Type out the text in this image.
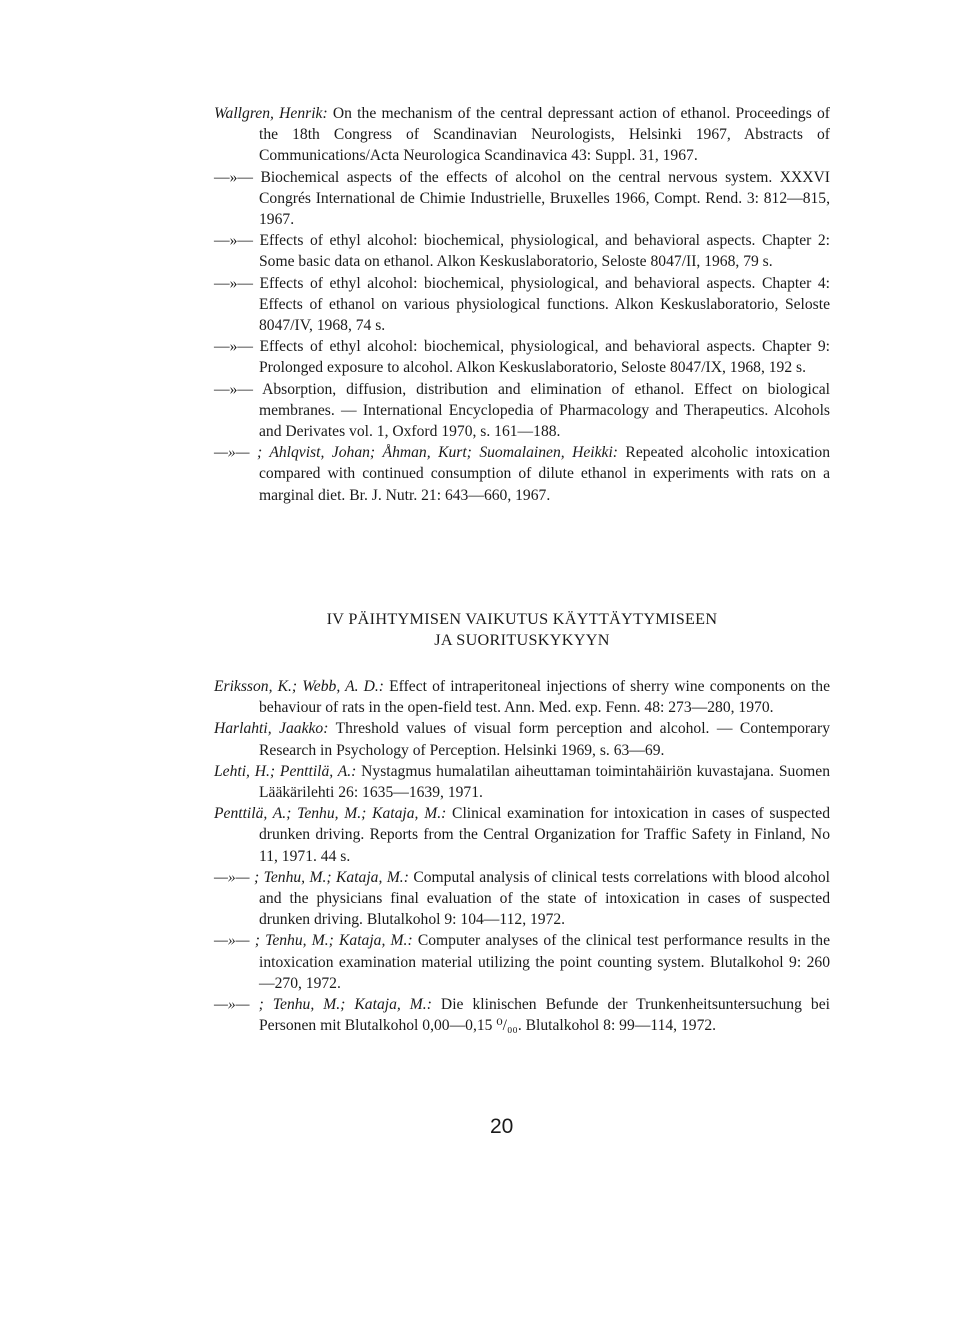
Wallgren, Henrik: On the mechanism of the central depressant action of ethanol. Proceedings of the 18th Congress of Scandinavian Neurologists, Helsinki 1967, Abstracts of Communications/Acta Neurologica Scandinavica 43: Suppl. 31, 1967.

—»— Biochemical aspects of the effects of alcohol on the central nervous system. XXXVI Congrés International de Chimie Industrielle, Bruxelles 1966, Compt. Rend. 3: 812—815, 1967.

—»— Effects of ethyl alcohol: biochemical, physiological, and behavioral aspects. Chapter 2: Some basic data on ethanol. Alkon Keskuslaboratorio, Seloste 8047/II, 1968, 79 s.

—»— Effects of ethyl alcohol: biochemical, physiological, and behavioral aspects. Chapter 4: Effects of ethanol on various physiological functions. Alkon Keskuslaboratorio, Seloste 8047/IV, 1968, 74 s.

—»— Effects of ethyl alcohol: biochemical, physiological, and behavioral aspects. Chapter 9: Prolonged exposure to alcohol. Alkon Keskuslaboratorio, Seloste 8047/IX, 1968, 192 s.

—»— Absorption, diffusion, distribution and elimination of ethanol. Effect on biological membranes. — International Encyclopedia of Pharmacology and Therapeutics. Alcohols and Derivates vol. 1, Oxford 1970, s. 161—188.

—»— ; Ahlqvist, Johan; Åhman, Kurt; Suomalainen, Heikki: Repeated alcoholic intoxication compared with continued consumption of dilute ethanol in experiments with rats on a marginal diet. Br. J. Nutr. 21: 643—660, 1967.

IV PÄIHTYMISEN VAIKUTUS KÄYTTÄYTYMISEEN
JA SUORITUSKYKYYN

Eriksson, K.; Webb, A. D.: Effect of intraperitoneal injections of sherry wine components on the behaviour of rats in the open-field test. Ann. Med. exp. Fenn. 48: 273—280, 1970.

Harlahti, Jaakko: Threshold values of visual form perception and alcohol. — Contemporary Research in Psychology of Perception. Helsinki 1969, s. 63—69.

Lehti, H.; Penttilä, A.: Nystagmus humalatilan aiheuttaman toimintahäiriön kuvastajana. Suomen Lääkärilehti 26: 1635—1639, 1971.

Penttilä, A.; Tenhu, M.; Kataja, M.: Clinical examination for intoxication in cases of suspected drunken driving. Reports from the Central Organization for Traffic Safety in Finland, No 11, 1971. 44 s.

—»— ; Tenhu, M.; Kataja, M.: Computal analysis of clinical tests correlations with blood alcohol and the physicians final evaluation of the state of intoxication in cases of suspected drunken driving. Blutalkohol 9: 104—112, 1972.

—»— ; Tenhu, M.; Kataja, M.: Computer analyses of the clinical test performance results in the intoxication examination material utilizing the point counting system. Blutalkohol 9: 260—270, 1972.

—»— ; Tenhu, M.; Kataja, M.: Die klinischen Befunde der Trunkenheitsuntersuchung bei Personen mit Blutalkohol 0,00—0,15 ⁰/₀₀. Blutalkohol 8: 99—114, 1972.

20
